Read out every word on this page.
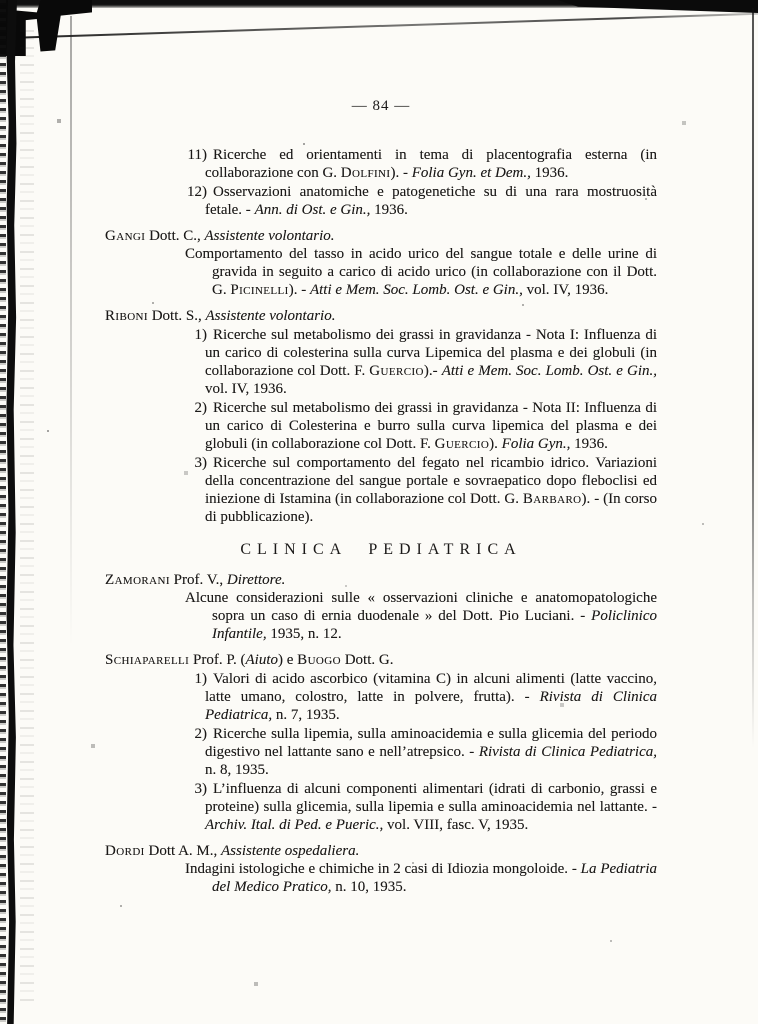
— 84 —
11) Ricerche ed orientamenti in tema di placentografia esterna (in collaborazione con G. Dolfini). - Folia Gyn. et Dem., 1936.
12) Osservazioni anatomiche e patogenetiche su di una rara mostruosità fetale. - Ann. di Ost. e Gin., 1936.
Gangi Dott. C., Assistente volontario.
Comportamento del tasso in acido urico del sangue totale e delle urine di gravida in seguito a carico di acido urico (in collaborazione con il Dott. G. Picinelli). - Atti e Mem. Soc. Lomb. Ost. e Gin., vol. IV, 1936.
Riboni Dott. S., Assistente volontario.
1) Ricerche sul metabolismo dei grassi in gravidanza - Nota I: Influenza di un carico di colesterina sulla curva Lipemica del plasma e dei globuli (in collaborazione col Dott. F. Guercio).- Atti e Mem. Soc. Lomb. Ost. e Gin., vol. IV, 1936.
2) Ricerche sul metabolismo dei grassi in gravidanza - Nota II: Influenza di un carico di Colesterina e burro sulla curva lipemica del plasma e dei globuli (in collaborazione col Dott. F. Guercio). Folia Gyn., 1936.
3) Ricerche sul comportamento del fegato nel ricambio idrico. Variazioni della concentrazione del sangue portale e sovraepatico dopo fleboclisi ed iniezione di Istamina (in collaborazione col Dott. G. Barbaro). - (In corso di pubblicazione).
CLINICA PEDIATRICA
Zamorani Prof. V., Direttore.
Alcune considerazioni sulle « osservazioni cliniche e anatomopatologiche sopra un caso di ernia duodenale » del Dott. Pio Luciani. - Policlinico Infantile, 1935, n. 12.
Schiaparelli Prof. P. (Aiuto) e Buogo Dott. G.
1) Valori di acido ascorbico (vitamina C) in alcuni alimenti (latte vaccino, latte umano, colostro, latte in polvere, frutta). - Rivista di Clinica Pediatrica, n. 7, 1935.
2) Ricerche sulla lipemia, sulla aminoacidemia e sulla glicemia del periodo digestivo nel lattante sano e nell’atrepsico. - Rivista di Clinica Pediatrica, n. 8, 1935.
3) L’influenza di alcuni componenti alimentari (idrati di carbonio, grassi e proteine) sulla glicemia, sulla lipemia e sulla aminoacidemia nel lattante. - Archiv. Ital. di Ped. e Pueric., vol. VIII, fasc. V, 1935.
Dordi Dott A. M., Assistente ospedaliera.
Indagini istologiche e chimiche in 2 casi di Idiozia mongoloide. - La Pediatria del Medico Pratico, n. 10, 1935.
